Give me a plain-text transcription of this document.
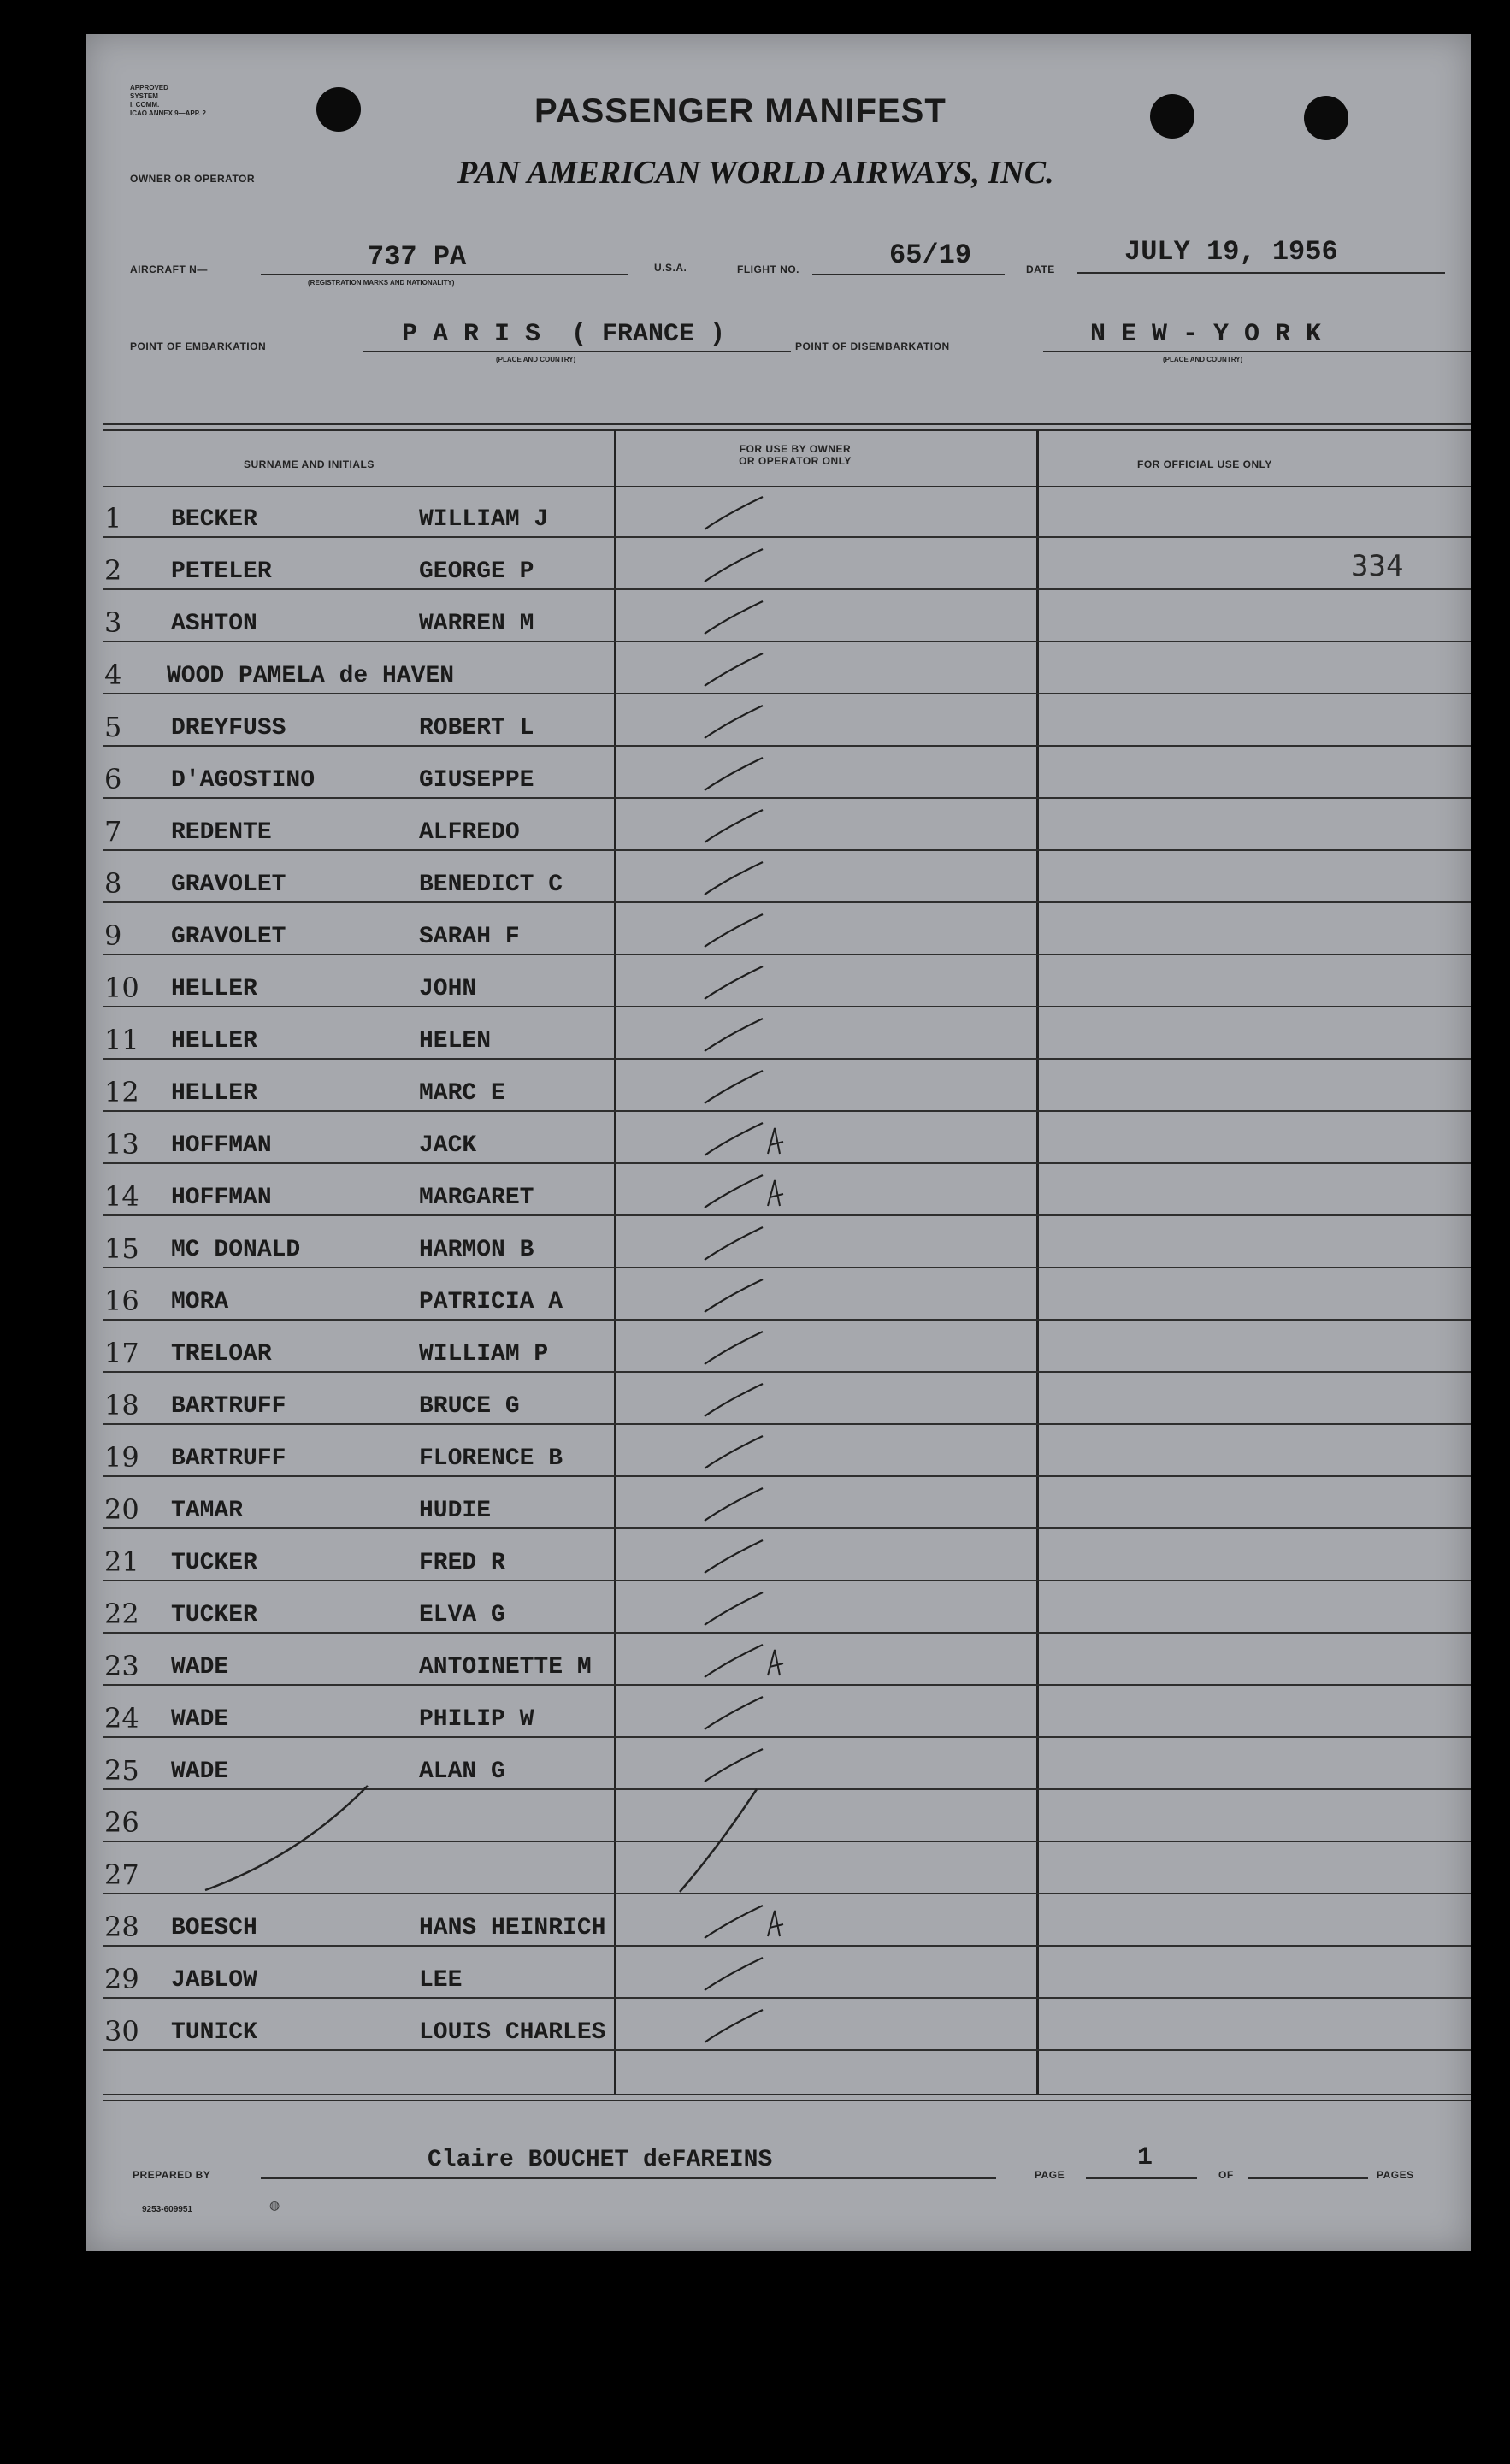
APPROVED
SYSTEM
I. COMM.
ICAO ANNEX 9—APP. 2
OWNER OR OPERATOR
PASSENGER MANIFEST
PAN AMERICAN WORLD AIRWAYS, INC.
AIRCRAFT N—	737 PA
(REGISTRATION MARKS AND NATIONALITY)
U.S.A.	FLIGHT NO.	65/19	DATE
JULY 19, 1956
POINT OF EMBARKATION	P A R I S  ( FRANCE )
(PLACE AND COUNTRY)
POINT OF DISEMBARKATION	N E W - Y O R K
(PLACE AND COUNTRY)
SURNAME AND INITIALS
FOR USE BY OWNER
OR OPERATOR ONLY	FOR OFFICIAL USE ONLY
1	BECKER	WILLIAM J
2	PETELER	GEORGE P	334
3	ASHTON	WARREN M
4	WOOD PAMELA de HAVEN
5	DREYFUSS	ROBERT L
6	D'AGOSTINO	GIUSEPPE
7	REDENTE	ALFREDO
8	GRAVOLET	BENEDICT C
9	GRAVOLET	SARAH F
10	HELLER	JOHN
11	HELLER	HELEN
12	HELLER	MARC E
13	HOFFMAN	JACK
14	HOFFMAN	MARGARET
15	MC DONALD	HARMON B
16	MORA	PATRICIA A
17	TRELOAR	WILLIAM P
18	BARTRUFF	BRUCE G
19	BARTRUFF	FLORENCE B
20	TAMAR	HUDIE
21	TUCKER	FRED R
22	TUCKER	ELVA G
23	WADE	ANTOINETTE M
24	WADE	PHILIP W
25	WADE	ALAN G
26
27
28	BOESCH	HANS HEINRICH
29	JABLOW	LEE
30	TUNICK	LOUIS CHARLES
PREPARED BY
Claire BOUCHET deFAREINS
PAGE
1
OF	PAGES
9253-609951	◍
